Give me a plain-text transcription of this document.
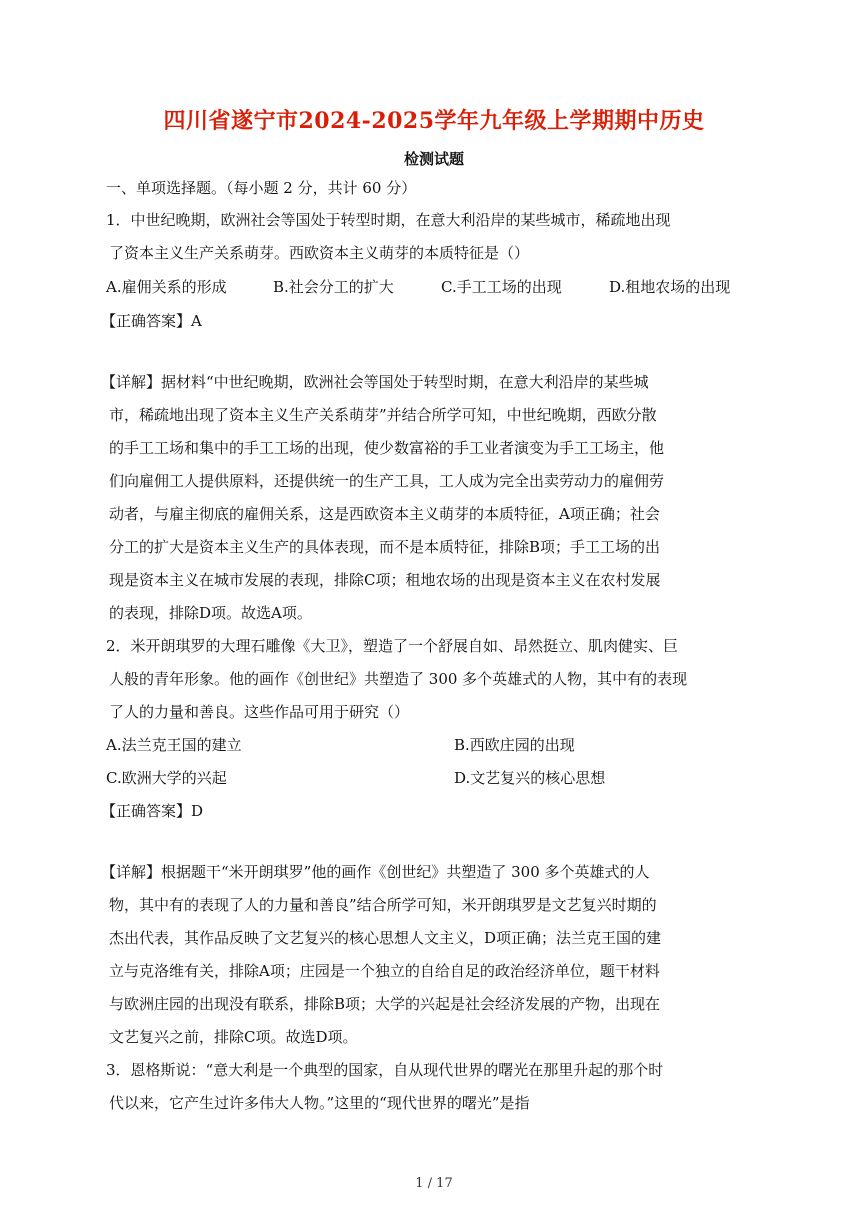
四川省遂宁市2024-2025学年九年级上学期期中历史
检测试题
一、单项选择题。（每小题 2 分，共计 60 分）
1．中世纪晚期，欧洲社会等国处于转型时期，在意大利沿岸的某些城市，稀疏地出现
了资本主义生产关系萌芽。西欧资本主义萌芽的本质特征是（）
A.雇佣关系的形成	B.社会分工的扩大	C.手工工场的出现	D.租地农场的出现
【正确答案】A
【详解】据材料“中世纪晚期，欧洲社会等国处于转型时期，在意大利沿岸的某些城
市，稀疏地出现了资本主义生产关系萌芽”并结合所学可知，中世纪晚期，西欧分散
的手工工场和集中的手工工场的出现，使少数富裕的手工业者演变为手工工场主，他
们向雇佣工人提供原料，还提供统一的生产工具，工人成为完全出卖劳动力的雇佣劳
动者，与雇主彻底的雇佣关系，这是西欧资本主义萌芽的本质特征，A项正确；社会
分工的扩大是资本主义生产的具体表现，而不是本质特征，排除B项；手工工场的出
现是资本主义在城市发展的表现，排除C项；租地农场的出现是资本主义在农村发展
的表现，排除D项。故选A项。
2．米开朗琪罗的大理石雕像《大卫》，塑造了一个舒展自如、昂然挺立、肌肉健实、巨
人般的青年形象。他的画作《创世纪》共塑造了 300 多个英雄式的人物，其中有的表现
了人的力量和善良。这些作品可用于研究（）
A.法兰克王国的建立	B.西欧庄园的出现
C.欧洲大学的兴起	D.文艺复兴的核心思想
【正确答案】D
【详解】根据题干“米开朗琪罗”他的画作《创世纪》共塑造了 300 多个英雄式的人
物，其中有的表现了人的力量和善良”结合所学可知，米开朗琪罗是文艺复兴时期的
杰出代表，其作品反映了文艺复兴的核心思想人文主义，D项正确；法兰克王国的建
立与克洛维有关，排除A项；庄园是一个独立的自给自足的政治经济单位，题干材料
与欧洲庄园的出现没有联系，排除B项；大学的兴起是社会经济发展的产物，出现在
文艺复兴之前，排除C项。故选D项。
3．恩格斯说：“意大利是一个典型的国家，自从现代世界的曙光在那里升起的那个时
代以来，它产生过许多伟大人物。”这里的“现代世界的曙光”是指
1 / 17
